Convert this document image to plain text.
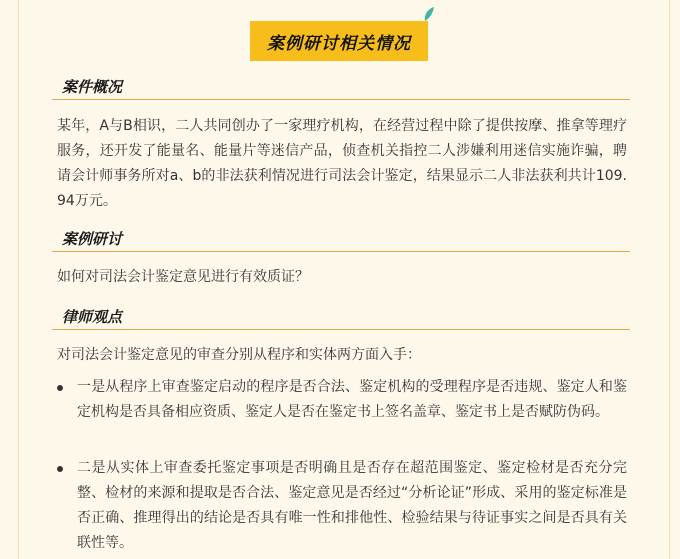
案例研讨相关情况
案件概况
某年，A与B相识，二人共同创办了一家理疗机构，在经营过程中除了提供按摩、推拿等理疗服务，还开发了能量名、能量片等迷信产品，侦查机关指控二人涉嫌利用迷信实施诈骗，聘请会计师事务所对a、b的非法获利情况进行司法会计鉴定，结果显示二人非法获利共计109.94万元。
案例研讨
如何对司法会计鉴定意见进行有效质证？
律师观点
对司法会计鉴定意见的审查分别从程序和实体两方面入手：
一是从程序上审查鉴定启动的程序是否合法、鉴定机构的受理程序是否违规、鉴定人和鉴定机构是否具备相应资质、鉴定人是否在鉴定书上签名盖章、鉴定书上是否赋防伪码。
二是从实体上审查委托鉴定事项是否明确且是否存在超范围鉴定、鉴定检材是否充分完整、检材的来源和提取是否合法、鉴定意见是否经过“分析论证”形成、采用的鉴定标准是否正确、推理得出的结论是否具有唯一性和排他性、检验结果与待证事实之间是否具有关联性等。
